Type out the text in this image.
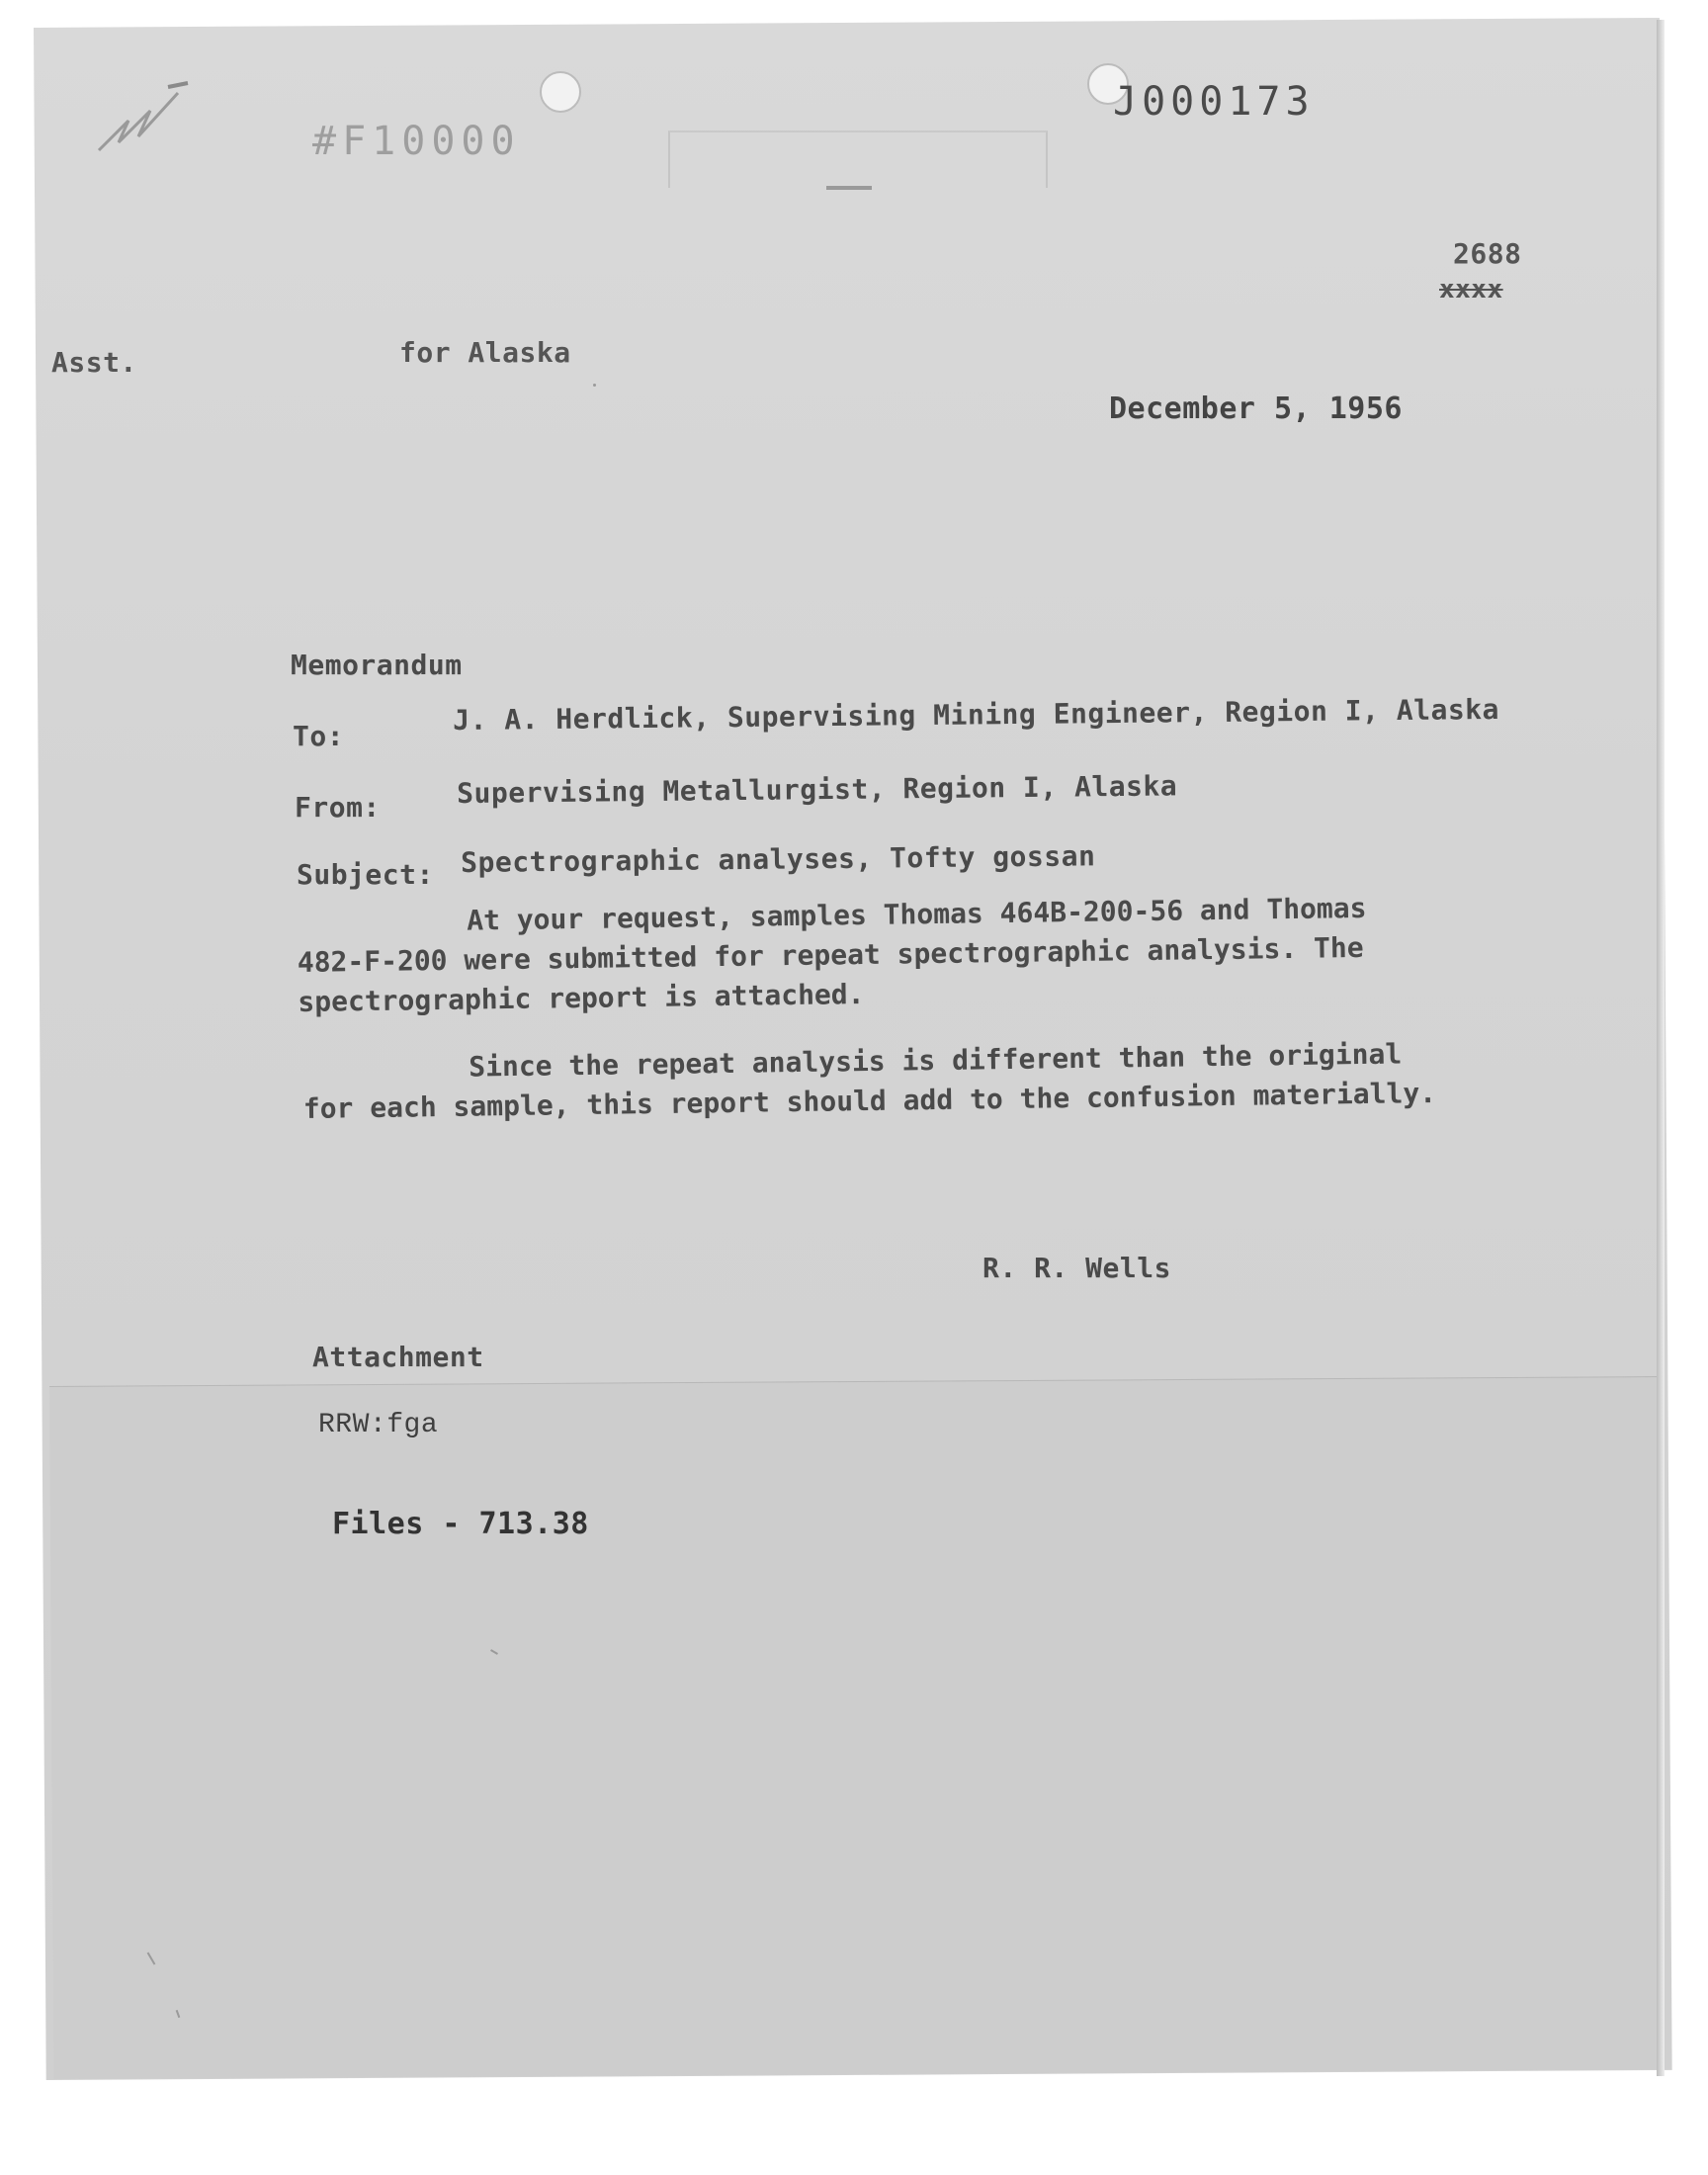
#F10000
J000173
2688
xxxx
Asst.	for Alaska
December 5, 1956
Memorandum
To:	J. A. Herdlick, Supervising Mining Engineer, Region I, Alaska
From:	Supervising Metallurgist, Region I, Alaska
Subject: Spectrographic analyses, Tofty gossan
At your request, samples Thomas 464B-200-56 and Thomas
482-F-200 were submitted for repeat spectrographic analysis. The
spectrographic report is attached.
Since the repeat analysis is different than the original
for each sample, this report should add to the confusion materially.
R. R. Wells
Attachment
RRW:fga
Files - 713.38
